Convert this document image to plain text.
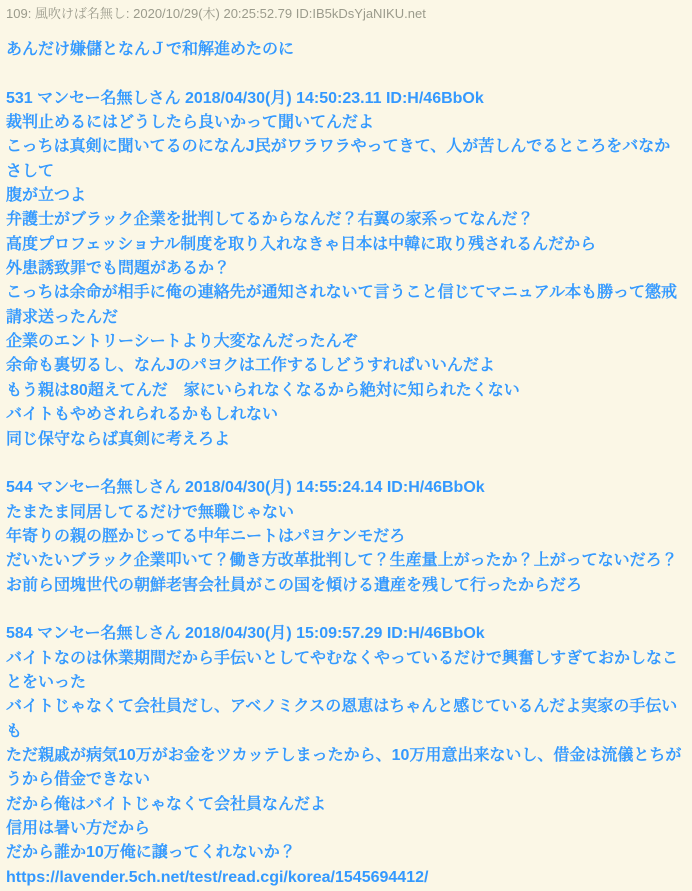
109: 風吹けば名無し: 2020/10/29(木) 20:25:52.79 ID:IB5kDsYjaNIKU.net
あんだけ嫌儲となんＪで和解進めたのに
531 マンセー名無しさん 2018/04/30(月) 14:50:23.11 ID:H/46BbOk
裁判止めるにはどうしたら良いかって聞いてんだよ
こっちは真剣に聞いてるのになんJ民がワラワラやってきて、人が苦しんでるところをバなかさして
腹が立つよ
弁護士がブラック企業を批判してるからなんだ？右翼の家系ってなんだ？
高度プロフェッショナル制度を取り入れなきゃ日本は中韓に取り残されるんだから
外患誘致罪でも問題があるか？
こっちは余命が相手に俺の連絡先が通知されないて言うこと信じてマニュアル本も勝って懲戒請求送ったんだ
企業のエントリーシートより大変なんだったんぞ
余命も裏切るし、なんJのパヨクは工作するしどうすればいいんだよ
もう親は80超えてんだ　家にいられなくなるから絶対に知られたくない
バイトもやめされられるかもしれない
同じ保守ならば真剣に考えろよ
544 マンセー名無しさん 2018/04/30(月) 14:55:24.14 ID:H/46BbOk
たまたま同居してるだけで無職じゃない
年寄りの親の脛かじってる中年ニートはパヨケンモだろ
だいたいブラック企業叩いて？働き方改革批判して？生産量上がったか？上がってないだろ？
お前ら団塊世代の朝鮮老害会社員がこの国を傾ける遺産を残して行ったからだろ
584 マンセー名無しさん 2018/04/30(月) 15:09:57.29 ID:H/46BbOk
バイトなのは休業期間だから手伝いとしてやむなくやっているだけで興奮しすぎておかしなことをいった
バイトじゃなくて会社員だし、アベノミクスの恩恵はちゃんと感じているんだよ実家の手伝いも
ただ親戚が病気10万がお金をツカッテしまったから、10万用意出来ないし、借金は流儀とちがうから借金できない
だから俺はバイトじゃなくて会社員なんだよ
信用は暑い方だから
だから誰か10万俺に譲ってくれないか？
https://lavender.5ch.net/test/read.cgi/korea/1545694412/
